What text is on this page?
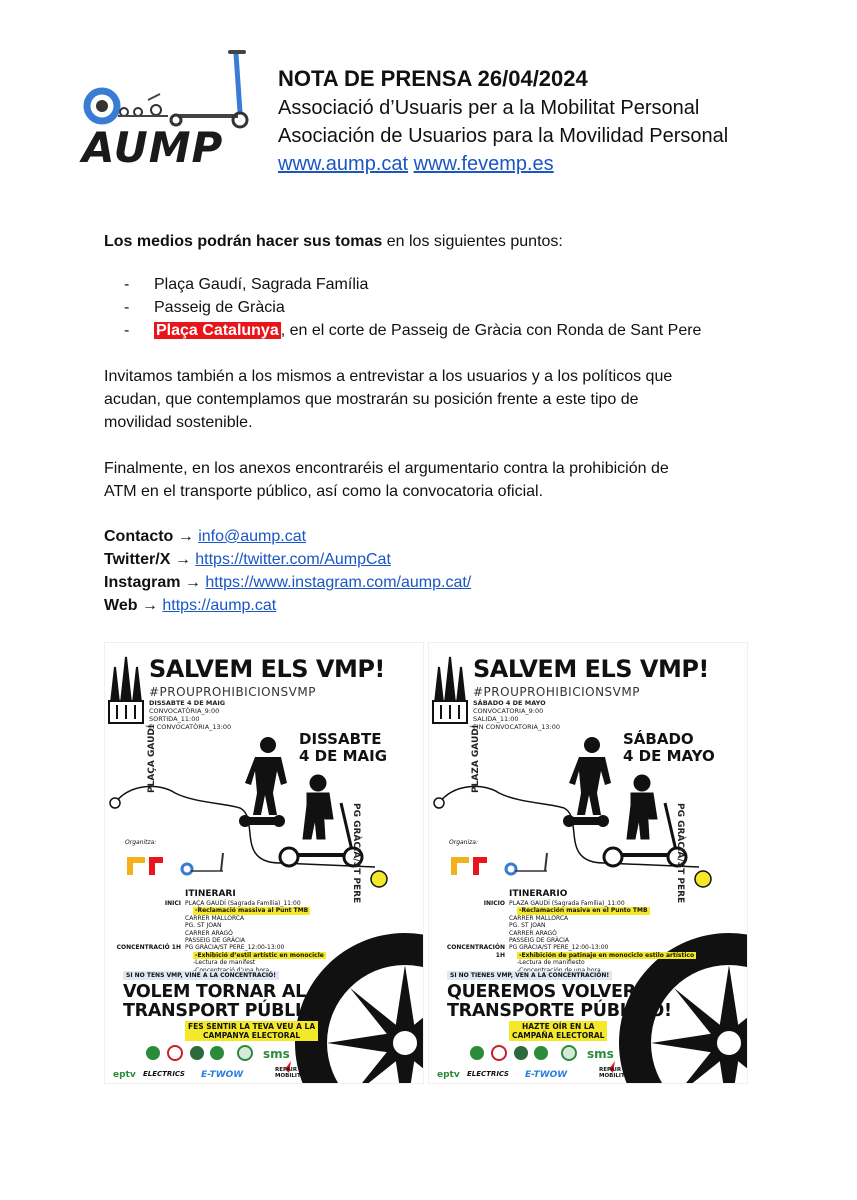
AUMP
NOTA DE PRENSA 26/04/2024
Associació d’Usuaris per a la Mobilitat Personal
Asociación de Usuarios para la Movilidad Personal
www.aump.cat www.fevemp.es
Los medios podrán hacer sus tomas en los siguientes puntos:
- Plaça Gaudí, Sagrada Família
- Passeig de Gràcia
- Plaça Catalunya , en el corte de Passeig de Gràcia con Ronda de Sant Pere
Invitamos también a los mismos a entrevistar a los usuarios y a los políticos que
acudan, que contemplamos que mostrarán su posición frente a este tipo de
movilidad sostenible.
Finalmente, en los anexos encontraréis el argumentario contra la prohibición de
ATM en el transporte público, así como la convocatoria oficial.
Contacto → info@aump.cat
Twitter/X → https://twitter.com/AumpCat
Instagram → https://www.instagram.com/aump.cat/
Web → https://aump.cat
SALVEM ELS VMP!
#PROUPROHIBICIONSVMP
DISSABTE 4 DE MAIG
CONVOCATÒRIA_9:00
SORTIDA_11:00
FI CONVOCATÒRIA_13:00
DISSABTE
4 DE MAIG
PLAÇA GAUDÍ
PG GRÀCIA/ST PERE
Organitza:
ITINERARI
INICI PLAÇA GAUDÍ (Sagrada Família)_11:00
-Reclamació massiva al Punt TMB
CARRER MALLORCA
PG. ST JOAN
CARRER ARAGÓ
PASSEIG DE GRÀCIA
CONCENTRACIÓ 1H PG GRÀCIA/ST PERE_12:00-13:00
-Exhibició d’estil artístic en monocicle
-Lectura de manifest
SI NO TENS VMP, VINE A LA CONCENTRACIÓ!
VOLEM TORNAR AL
TRANSPORT PÚBLIC!
FES SENTIR LA TEVA VEU A LA
CAMPANYA ELECTORAL
sms
eptv ELECTRICS E-TWOW	REPAIR MOBILITY
SALVEM ELS VMP!
#PROUPROHIBICIONSVMP
SÁBADO 4 DE MAYO
CONVOCATORIA_9:00
SALIDA_11:00
FIN CONVOCATORIA_13:00
SÁBADO
4 DE MAYO
PLAZA GAUDÍ
PG GRÀCIA/ST PERE
Organiza:
ITINERARIO
INICIO PLAZA GAUDÍ (Sagrada Família)_11:00
-Reclamación masiva en el Punto TMB
CARRER MALLORCA
PG. ST JOAN
CARRER ARAGÓ
PASSEIG DE GRÀCIA
CONCENTRACIÓN 1H
PG GRÀCIA/ST PERE_12:00-13:00
-Exhibición de patinaje en monociclo estilo artístico
-Lectura de manifiesto
SI NO TIENES VMP, VEN A LA CONCENTRACIÓN!
QUEREMOS VOLVER AL
TRANSPORTE PÚBLICO!
HAZTE OÍR EN LA
CAMPAÑA ELECTORAL
sms
eptv ELECTRICS E-TWOW	REPAIR MOBILITY
